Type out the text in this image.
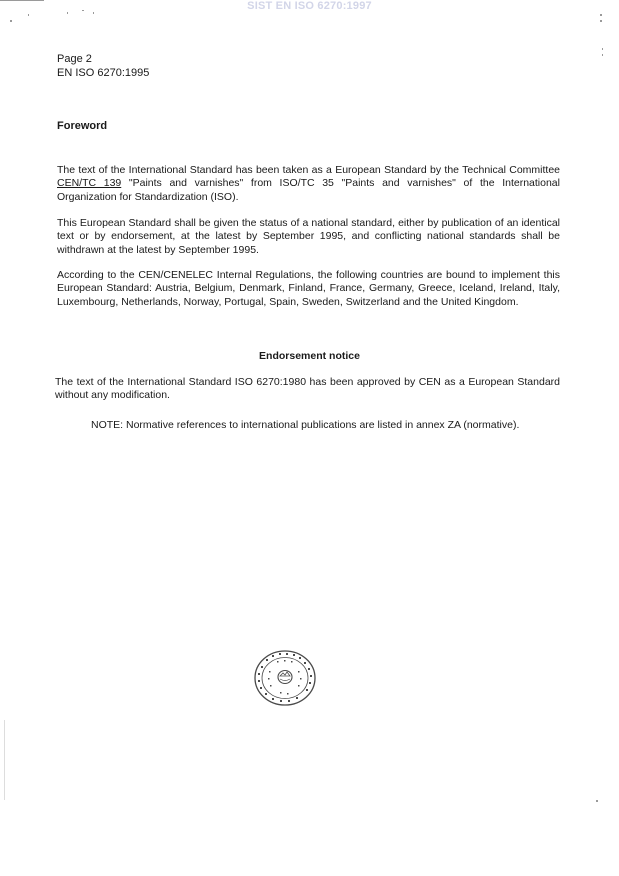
SIST EN ISO 6270:1997
Page 2
EN ISO 6270:1995
Foreword

The text of the International Standard has been taken as a European Standard by the Technical Committee CEN/TC 139 "Paints and varnishes" from ISO/TC 35 "Paints and varnishes" of the International Organization for Standardization (ISO).

This European Standard shall be given the status of a national standard, either by publication of an identical text or by endorsement, at the latest by September 1995, and conflicting national standards shall be withdrawn at the latest by September 1995.

According to the CEN/CENELEC Internal Regulations, the following countries are bound to implement this European Standard: Austria, Belgium, Denmark, Finland, France, Germany, Greece, Iceland, Ireland, Italy, Luxembourg, Netherlands, Norway, Portugal, Spain, Sweden, Switzerland and the United Kingdom.

Endorsement notice

The text of the International Standard ISO 6270:1980 has been approved by CEN as a European Standard without any modification.

NOTE: Normative references to international publications are listed in annex ZA (normative).
